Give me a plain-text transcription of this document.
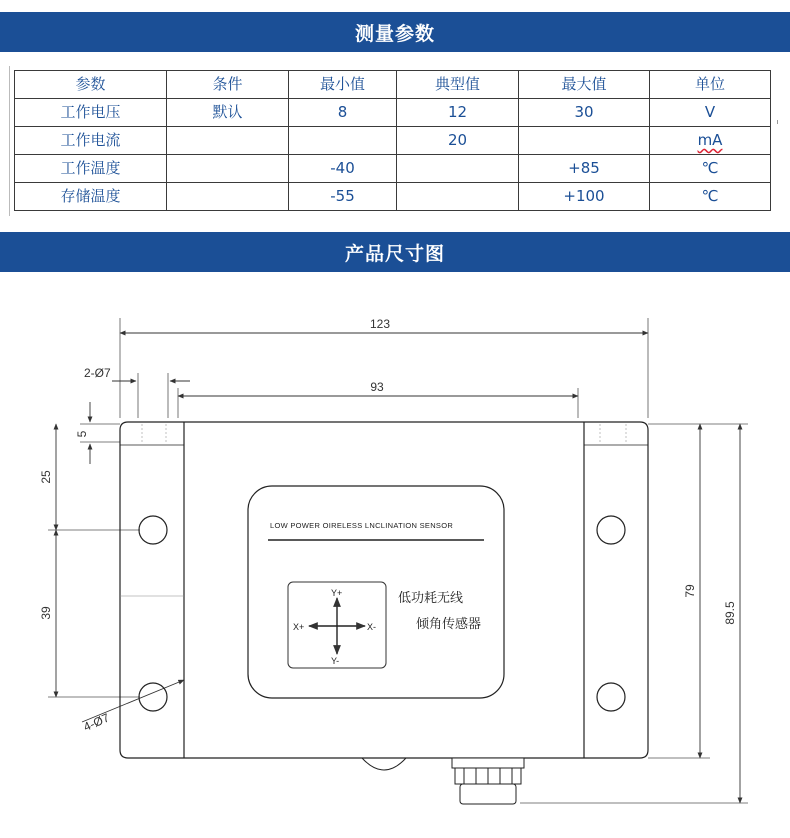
测量参数
参数	条件	最小值	典型值	最大值	单位
工作电压	默认	8	12	30	V
工作电流			20		mA
工作温度		-40		+85	℃
存储温度		-55		+100	℃
产品尺寸图
123
93
2-Ø7
5
25
39
4-Ø7
79
89.5
LOW POWER OIRELESS LNCLINATION SENSOR
低功耗无线
倾角传感器
Y+
Y-
X+	X-
